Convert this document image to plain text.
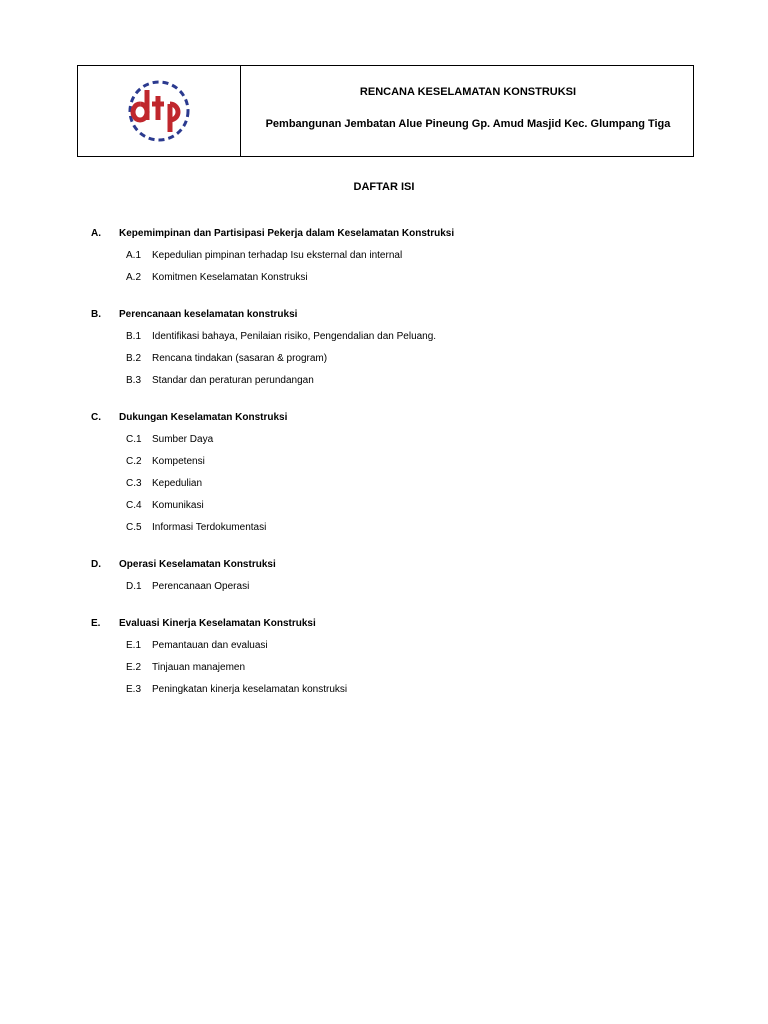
dtp
RENCANA KESELAMATAN KONSTRUKSI
Pembangunan Jembatan Alue Pineung Gp. Amud Masjid Kec. Glumpang Tiga
DAFTAR ISI
A.	Kepemimpinan dan Partisipasi Pekerja dalam Keselamatan Konstruksi
A.1	Kepedulian pimpinan terhadap Isu eksternal dan internal
A.2	Komitmen Keselamatan Konstruksi
B.	Perencanaan keselamatan konstruksi
B.1	Identifikasi bahaya, Penilaian risiko, Pengendalian dan Peluang.
B.2	Rencana tindakan (sasaran & program)
B.3	Standar dan peraturan perundangan
C.	Dukungan Keselamatan Konstruksi
C.1	Sumber Daya
C.2	Kompetensi
C.3	Kepedulian
C.4	Komunikasi
C.5	Informasi Terdokumentasi
D.	Operasi Keselamatan Konstruksi
D.1	Perencanaan Operasi
E.	Evaluasi Kinerja Keselamatan Konstruksi
E.1	Pemantauan dan evaluasi
E.2	Tinjauan manajemen
E.3	Peningkatan kinerja keselamatan konstruksi
